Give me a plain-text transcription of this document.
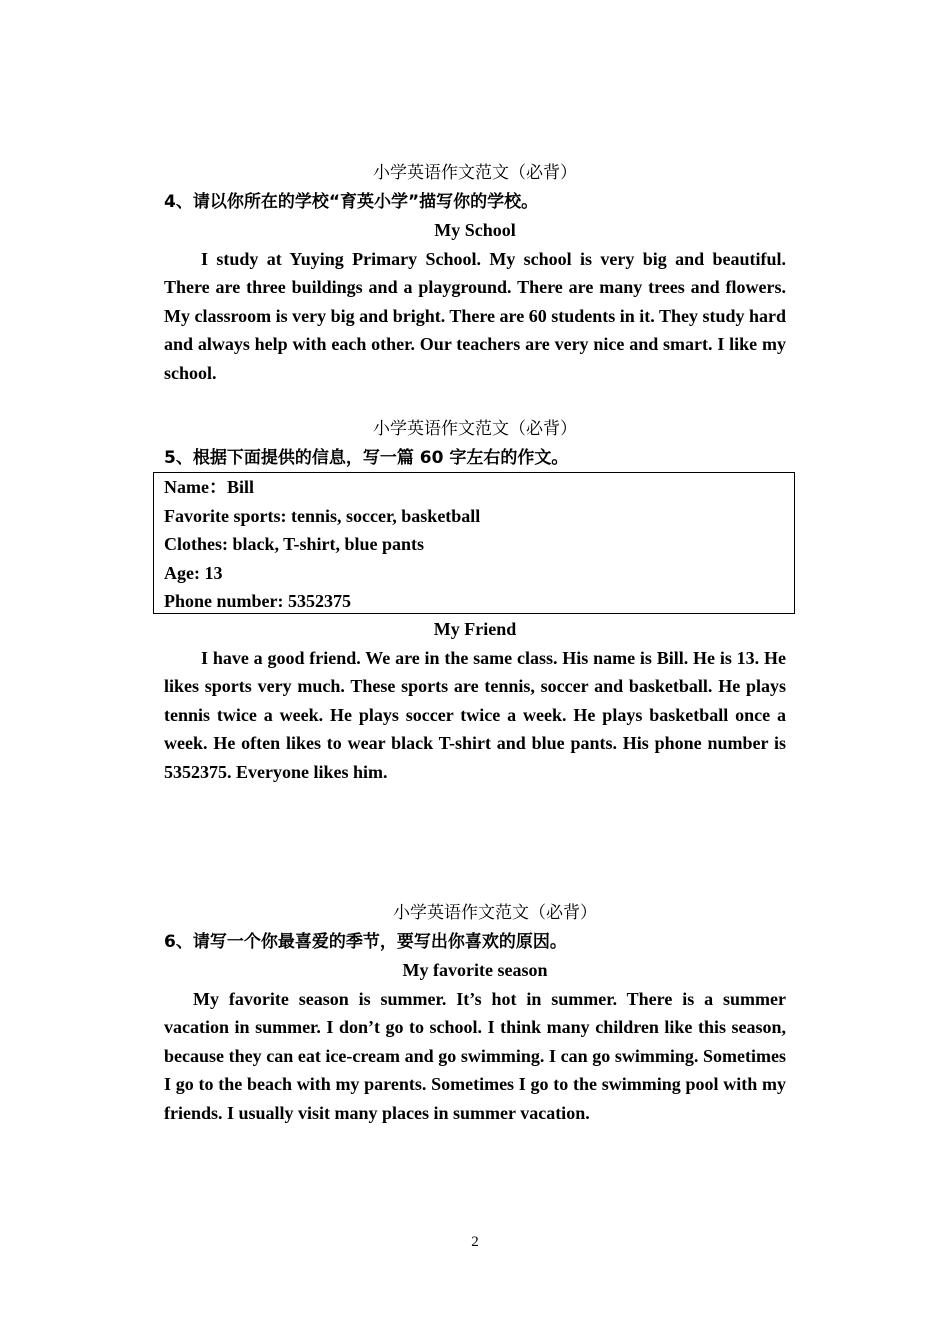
小学英语作文范文（必背）
4、请以你所在的学校“育英小学”描写你的学校。
My School

I study at Yuying Primary School. My school is very big and beautiful. There are three buildings and a playground. There are many trees and flowers. My classroom is very big and bright. There are 60 students in it. They study hard and always help with each other. Our teachers are very nice and smart. I like my school.

小学英语作文范文（必背）
5、根据下面提供的信息，写一篇 60 字左右的作文。
Name：Bill
Favorite sports: tennis, soccer, basketball
Clothes: black, T-shirt, blue pants
Age: 13
Phone number: 5352375
My Friend

I have a good friend. We are in the same class. His name is Bill. He is 13. He likes sports very much. These sports are tennis, soccer and basketball. He plays tennis twice a week. He plays soccer twice a week. He plays basketball once a week. He often likes to wear black T-shirt and blue pants. His phone number is 5352375. Everyone likes him.

小学英语作文范文（必背）
6、请写一个你最喜爱的季节，要写出你喜欢的原因。
My favorite season

My favorite season is summer. It’s hot in summer. There is a summer vacation in summer. I don’t go to school. I think many children like this season, because they can eat ice-cream and go swimming. I can go swimming. Sometimes I go to the beach with my parents. Sometimes I go to the swimming pool with my friends. I usually visit many places in summer vacation.

2
